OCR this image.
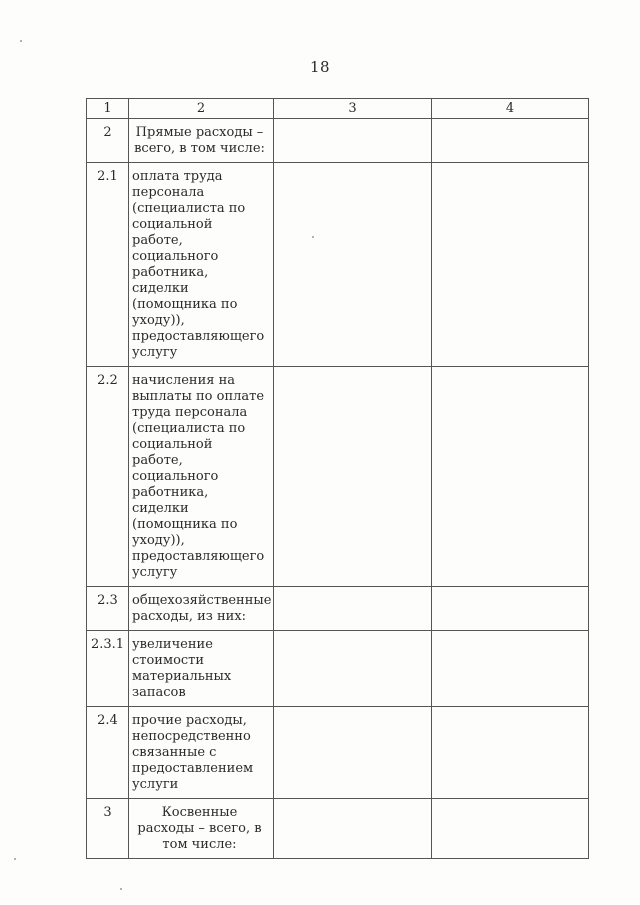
18
1	2	3	4
2	Прямые расходы – всего, в том числе:		
2.1	оплата труда персонала (специалиста по социальной работе, социального работника, сиделки (помощника по уходу)), предоставляющего услугу		
2.2	начисления на выплаты по оплате труда персонала (специалиста по социальной работе, социального работника, сиделки (помощника по уходу)), предоставляющего услугу		
2.3	общехозяйственные расходы, из них:		
2.3.1	увеличение стоимости материальных запасов		
2.4	прочие расходы, непосредственно связанные с предоставлением услуги		
3	Косвенные расходы – всего, в том числе:		
